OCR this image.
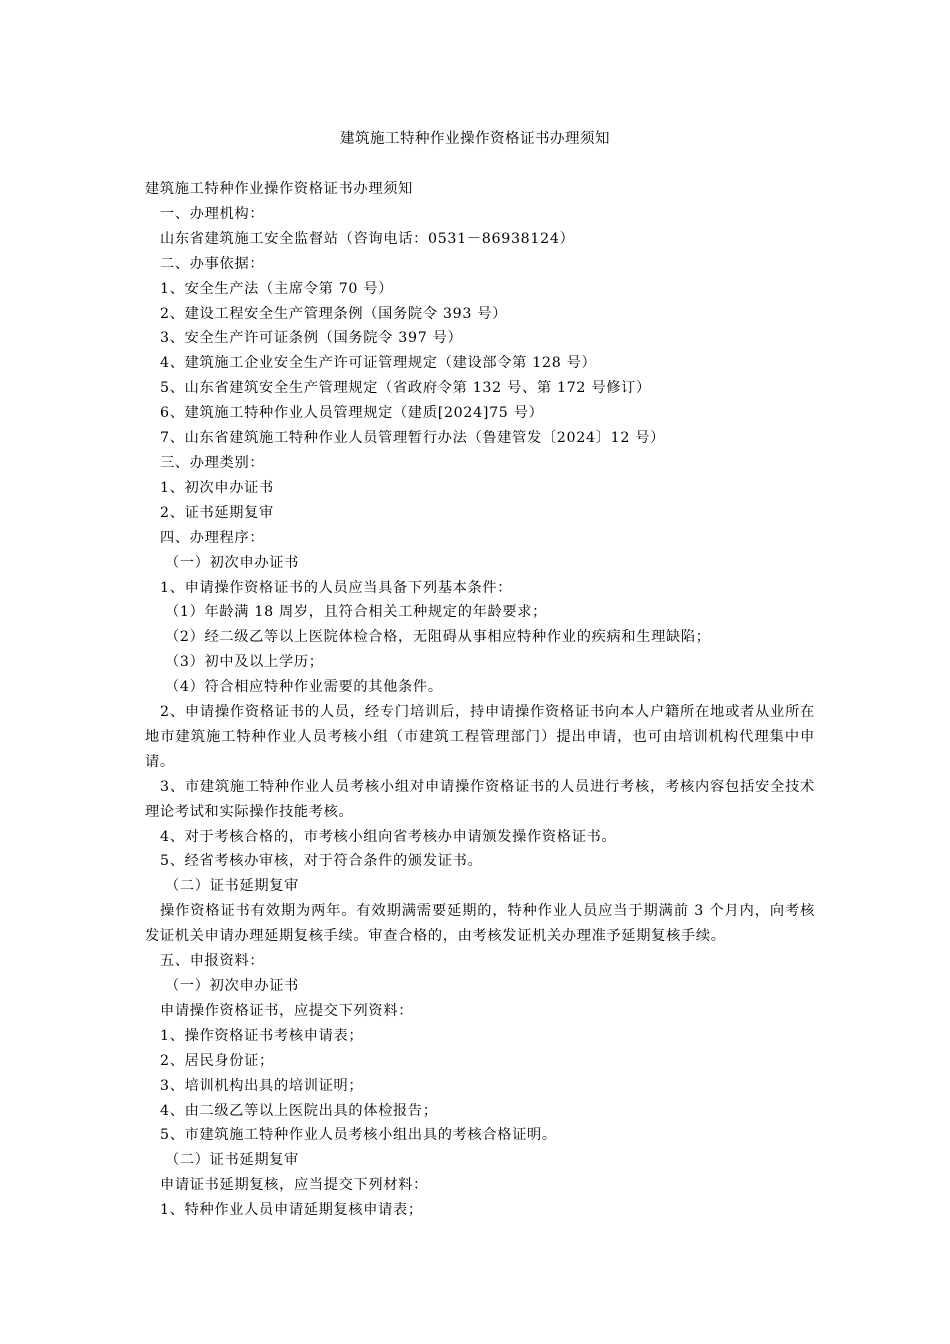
建筑施工特种作业操作资格证书办理须知
建筑施工特种作业操作资格证书办理须知
一、办理机构：
山东省建筑施工安全监督站（咨询电话：0531－86938124）
二、办事依据：
1、安全生产法（主席令第 70 号）
2、建设工程安全生产管理条例（国务院令 393 号）
3、安全生产许可证条例（国务院令 397 号）
4、建筑施工企业安全生产许可证管理规定（建设部令第 128 号）
5、山东省建筑安全生产管理规定（省政府令第 132 号、第 172 号修订）
6、建筑施工特种作业人员管理规定（建质[2024]75 号）
7、山东省建筑施工特种作业人员管理暂行办法（鲁建管发〔2024〕12 号）
三、办理类别：
1、初次申办证书
2、证书延期复审
四、办理程序：
（一）初次申办证书
1、申请操作资格证书的人员应当具备下列基本条件：
（1）年龄满 18 周岁，且符合相关工种规定的年龄要求；
（2）经二级乙等以上医院体检合格，无阻碍从事相应特种作业的疾病和生理缺陷；
（3）初中及以上学历；
（4）符合相应特种作业需要的其他条件。
2、申请操作资格证书的人员，经专门培训后，持申请操作资格证书向本人户籍所在地或者从业所在地市建筑施工特种作业人员考核小组（市建筑工程管理部门）提出申请，也可由培训机构代理集中申请。
3、市建筑施工特种作业人员考核小组对申请操作资格证书的人员进行考核，考核内容包括安全技术理论考试和实际操作技能考核。
4、对于考核合格的，市考核小组向省考核办申请颁发操作资格证书。
5、经省考核办审核，对于符合条件的颁发证书。
（二）证书延期复审
操作资格证书有效期为两年。有效期满需要延期的，特种作业人员应当于期满前 3 个月内，向考核发证机关申请办理延期复核手续。审查合格的，由考核发证机关办理准予延期复核手续。
五、申报资料：
（一）初次申办证书
申请操作资格证书，应提交下列资料：
1、操作资格证书考核申请表；
2、居民身份证；
3、培训机构出具的培训证明；
4、由二级乙等以上医院出具的体检报告；
5、市建筑施工特种作业人员考核小组出具的考核合格证明。
（二）证书延期复审
申请证书延期复核，应当提交下列材料：
1、特种作业人员申请延期复核申请表；
